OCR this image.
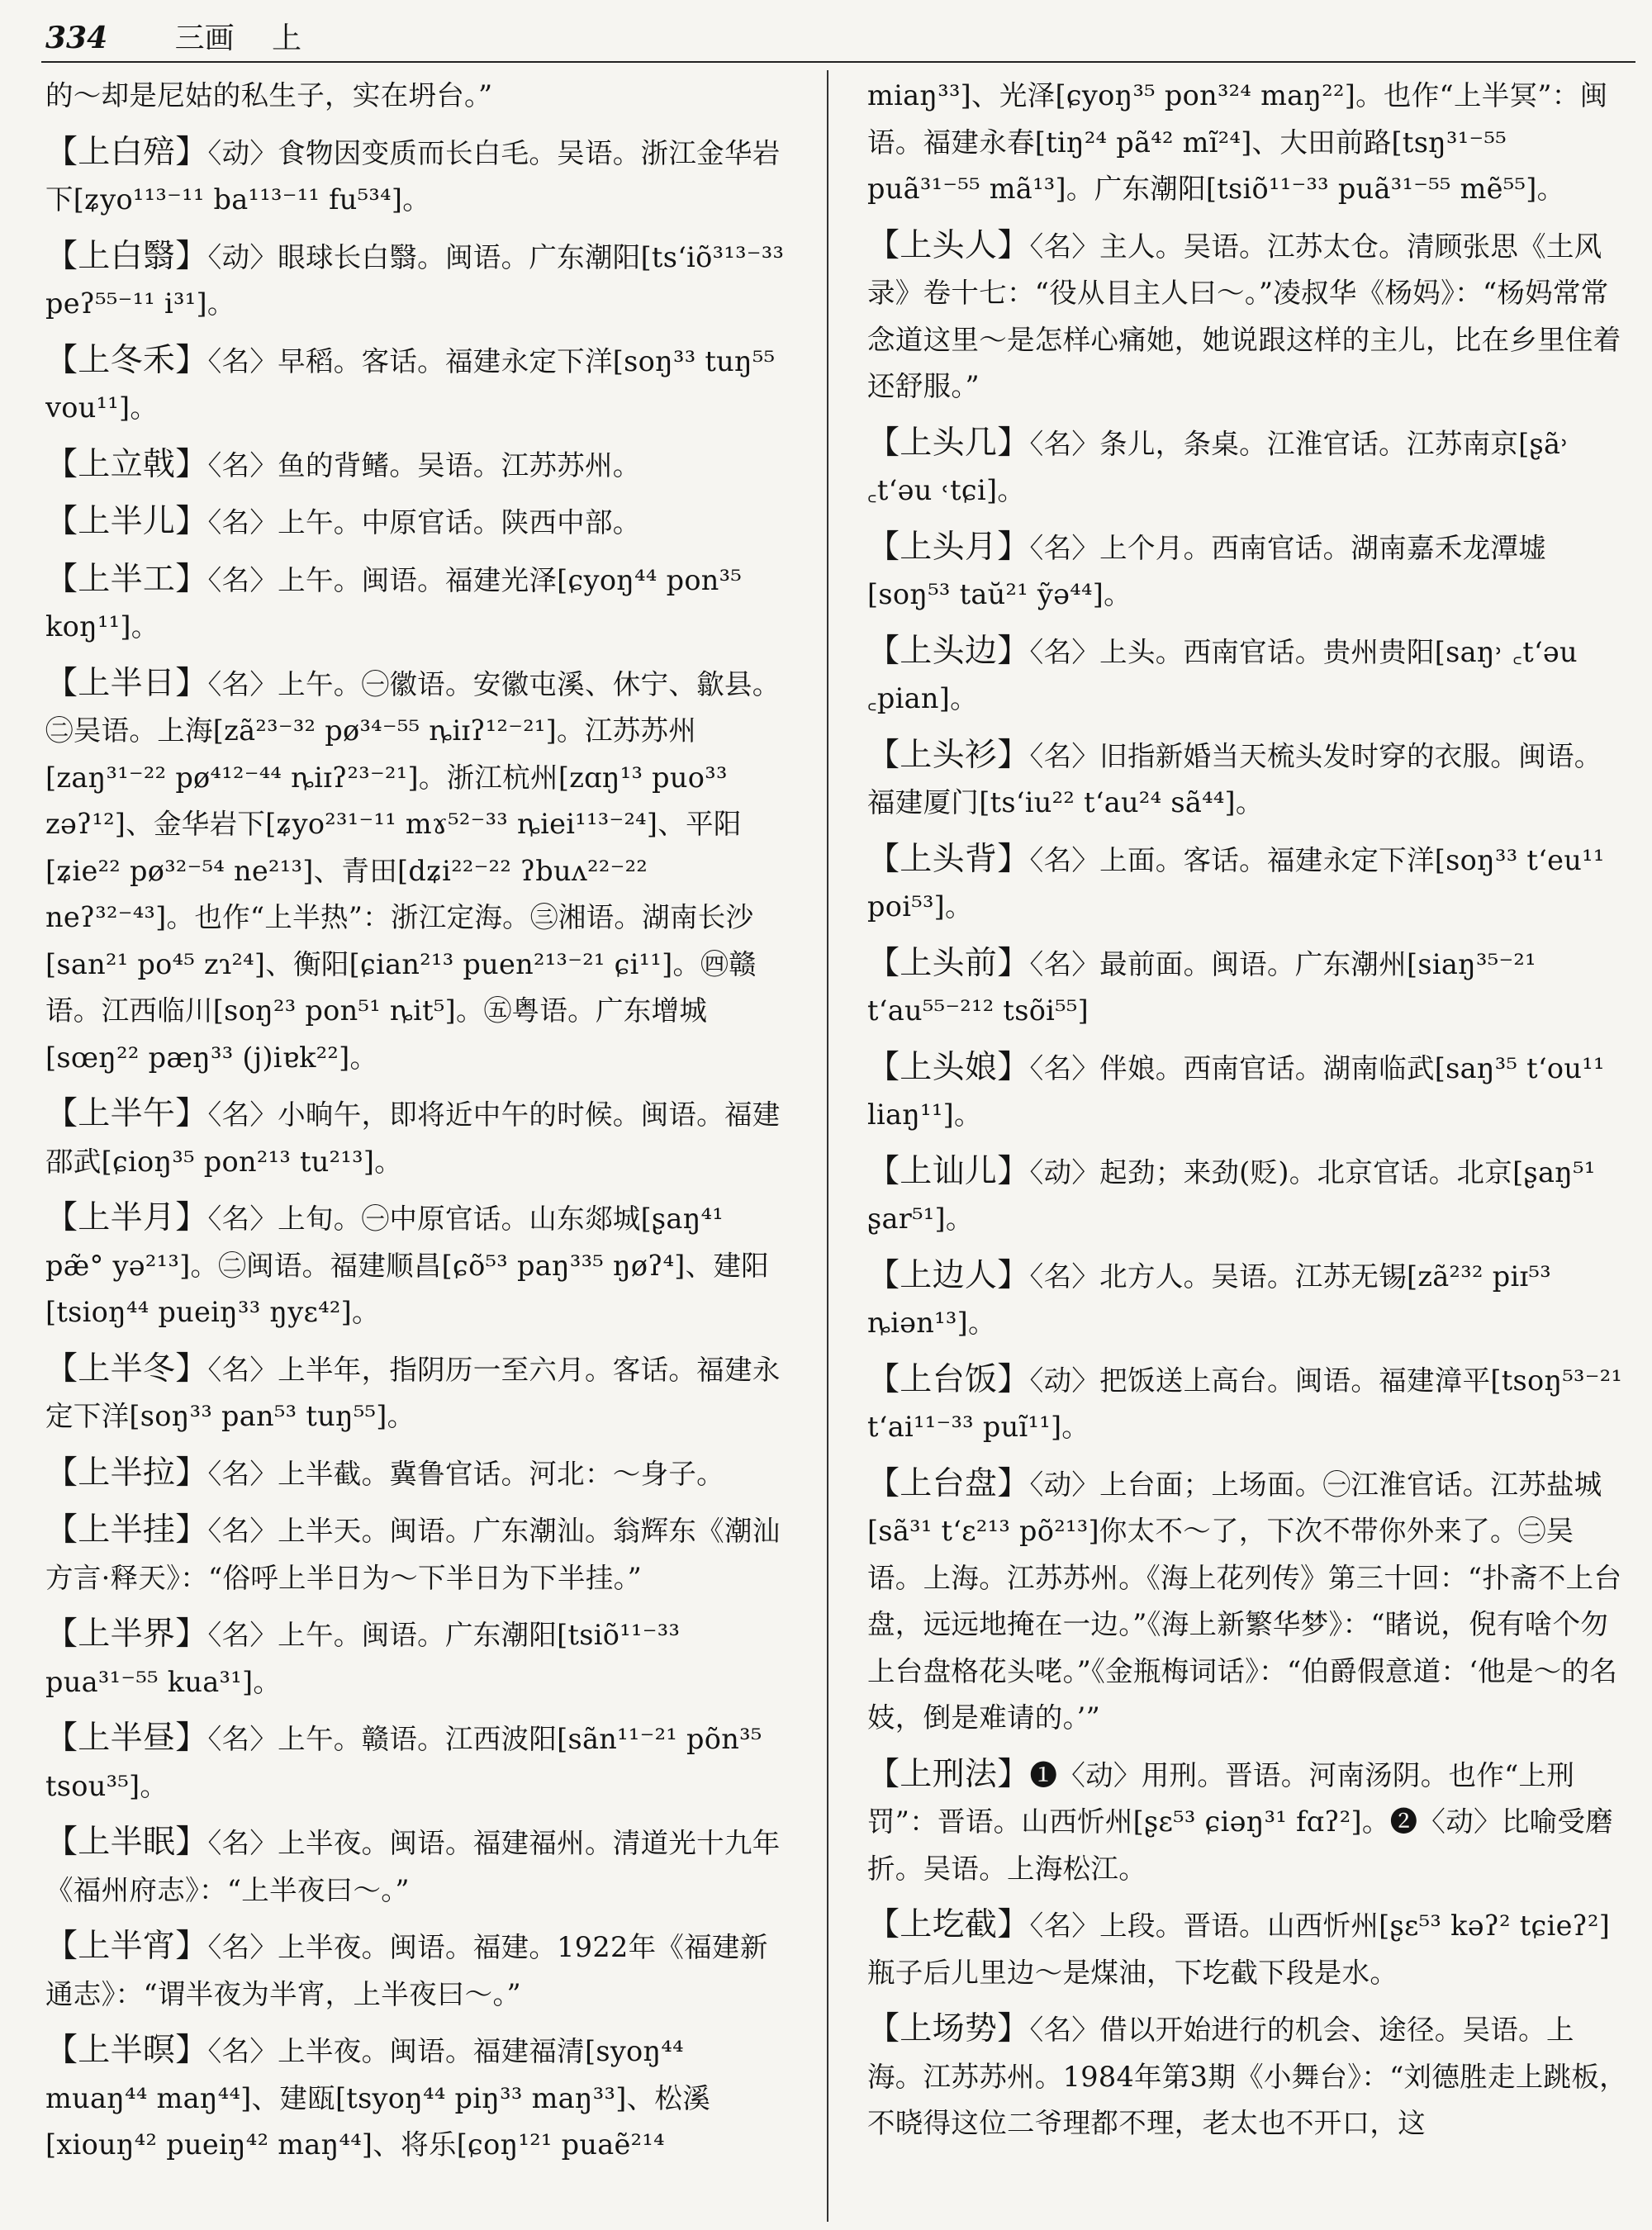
334 三画 上

的～却是尼姑的私生子，实在坍台。”

【上白殕】〈动〉食物因变质而长白毛。吴语。浙江金华岩下[ʑyo¹¹³⁻¹¹ ba¹¹³⁻¹¹ fu⁵³⁴]。

【上白翳】〈动〉眼球长白翳。闽语。广东潮阳[ts‘iõ³¹³⁻³³ peʔ⁵⁵⁻¹¹ i³¹]。

【上冬禾】〈名〉早稻。客话。福建永定下洋[soŋ³³ tuŋ⁵⁵ vou¹¹]。

【上立戟】〈名〉鱼的背鳍。吴语。江苏苏州。

【上半儿】〈名〉上午。中原官话。陕西中部。

【上半工】〈名〉上午。闽语。福建光泽[ɕyoŋ⁴⁴ pon³⁵ koŋ¹¹]。

【上半日】〈名〉上午。㊀徽语。安徽屯溪、休宁、歙县。㊁吴语。上海[zã²³⁻³² pø³⁴⁻⁵⁵ ȵiɪʔ¹²⁻²¹]。江苏苏州[zaŋ³¹⁻²² pø⁴¹²⁻⁴⁴ ȵiɪʔ²³⁻²¹]。浙江杭州[zɑŋ¹³ puo³³ zəʔ¹²]、金华岩下[ʑyo²³¹⁻¹¹ mɤ⁵²⁻³³ ȵiei¹¹³⁻²⁴]、平阳[ʑie²² pø³²⁻⁵⁴ ne²¹³]、青田[dʑi²²⁻²² ʔbuʌ²²⁻²² neʔ³²⁻⁴³]。也作“上半热”：浙江定海。㊂湘语。湖南长沙[san²¹ po⁴⁵ zɿ²⁴]、衡阳[ɕian²¹³ puen²¹³⁻²¹ ɕi¹¹]。㊃赣语。江西临川[soŋ²³ pon⁵¹ ȵit⁵]。㊄粤语。广东增城[sœŋ²² pæŋ³³ (j)iɐk²²]。

【上半午】〈名〉小晌午，即将近中午的时候。闽语。福建邵武[ɕioŋ³⁵ pon²¹³ tu²¹³]。

【上半月】〈名〉上旬。㊀中原官话。山东郯城[ʂaŋ⁴¹ pæ̃° yə²¹³]。㊁闽语。福建顺昌[ɕõ⁵³ paŋ³³⁵ ŋøʔ⁴]、建阳[tsioŋ⁴⁴ pueiŋ³³ ŋyɛ⁴²]。

【上半冬】〈名〉上半年，指阴历一至六月。客话。福建永定下洋[soŋ³³ pan⁵³ tuŋ⁵⁵]。

【上半拉】〈名〉上半截。冀鲁官话。河北：～身子。

【上半挂】〈名〉上半天。闽语。广东潮汕。翁辉东《潮汕方言·释天》：“俗呼上半日为～下半日为下半挂。”

【上半界】〈名〉上午。闽语。广东潮阳[tsiõ¹¹⁻³³ pua³¹⁻⁵⁵ kua³¹]。

【上半昼】〈名〉上午。赣语。江西波阳[sãn¹¹⁻²¹ põn³⁵ tsou³⁵]。

【上半眠】〈名〉上半夜。闽语。福建福州。清道光十九年《福州府志》：“上半夜曰～。”

【上半宵】〈名〉上半夜。闽语。福建。1922年《福建新通志》：“谓半夜为半宵，上半夜曰～。”

【上半暝】〈名〉上半夜。闽语。福建福清[syoŋ⁴⁴ muaŋ⁴⁴ maŋ⁴⁴]、建瓯[tsyoŋ⁴⁴ piŋ³³ maŋ³³]、松溪[xiouŋ⁴² pueiŋ⁴² maŋ⁴⁴]、将乐[ɕoŋ¹²¹ puaẽ²¹⁴

miaŋ³³]、光泽[ɕyoŋ³⁵ pon³²⁴ maŋ²²]。也作“上半冥”：闽语。福建永春[tiŋ²⁴ pã⁴² mĩ²⁴]、大田前路[tsŋ³¹⁻⁵⁵ puã³¹⁻⁵⁵ mã¹³]。广东潮阳[tsiõ¹¹⁻³³ puã³¹⁻⁵⁵ mẽ⁵⁵]。

【上头人】〈名〉主人。吴语。江苏太仓。清顾张思《土风录》卷十七：“役从目主人曰～。”凌叔华《杨妈》：“杨妈常常念道这里～是怎样心痛她，她说跟这样的主儿，比在乡里住着还舒服。”

【上头几】〈名〉条儿，条桌。江淮官话。江苏南京[ʂã˒ ꜀t‘əu ˓tɕi]。

【上头月】〈名〉上个月。西南官话。湖南嘉禾龙潭墟[soŋ⁵³ taŭ²¹ ỹə⁴⁴]。

【上头边】〈名〉上头。西南官话。贵州贵阳[saŋ˒ ꜀t‘əu ꜀pian]。

【上头衫】〈名〉旧指新婚当天梳头发时穿的衣服。闽语。福建厦门[ts‘iu²² t‘au²⁴ sã⁴⁴]。

【上头背】〈名〉上面。客话。福建永定下洋[soŋ³³ t‘eu¹¹ poi⁵³]。

【上头前】〈名〉最前面。闽语。广东潮州[siaŋ³⁵⁻²¹ t‘au⁵⁵⁻²¹² tsõi⁵⁵]

【上头娘】〈名〉伴娘。西南官话。湖南临武[saŋ³⁵ t‘ou¹¹ liaŋ¹¹]。

【上讪儿】〈动〉起劲；来劲(贬)。北京官话。北京[ʂaŋ⁵¹ ʂar⁵¹]。

【上边人】〈名〉北方人。吴语。江苏无锡[zã²³² piɪ⁵³ ȵiən¹³]。

【上台饭】〈动〉把饭送上高台。闽语。福建漳平[tsoŋ⁵³⁻²¹ t‘ai¹¹⁻³³ puĩ¹¹]。

【上台盘】〈动〉上台面；上场面。㊀江淮官话。江苏盐城[sã³¹ t‘ɛ²¹³ põ²¹³]你太不～了，下次不带你外来了。㊁吴语。上海。江苏苏州。《海上花列传》第三十回：“扑斋不上台盘，远远地掩在一边。”《海上新繁华梦》：“睹说，倪有啥个勿上台盘格花头咾。”《金瓶梅词话》：“伯爵假意道：‘他是～的名妓，倒是难请的。’”

【上刑法】❶〈动〉用刑。晋语。河南汤阴。也作“上刑罚”：晋语。山西忻州[ʂɛ⁵³ ɕiəŋ³¹ fɑʔ²]。❷〈动〉比喻受磨折。吴语。上海松江。

【上圪截】〈名〉上段。晋语。山西忻州[ʂɛ⁵³ kəʔ² tɕieʔ²]瓶子后儿里边～是煤油，下圪截下段是水。

【上场势】〈名〉借以开始进行的机会、途径。吴语。上海。江苏苏州。1984年第3期《小舞台》：“刘德胜走上跳板，不晓得这位二爷理都不理，老太也不开口，这
